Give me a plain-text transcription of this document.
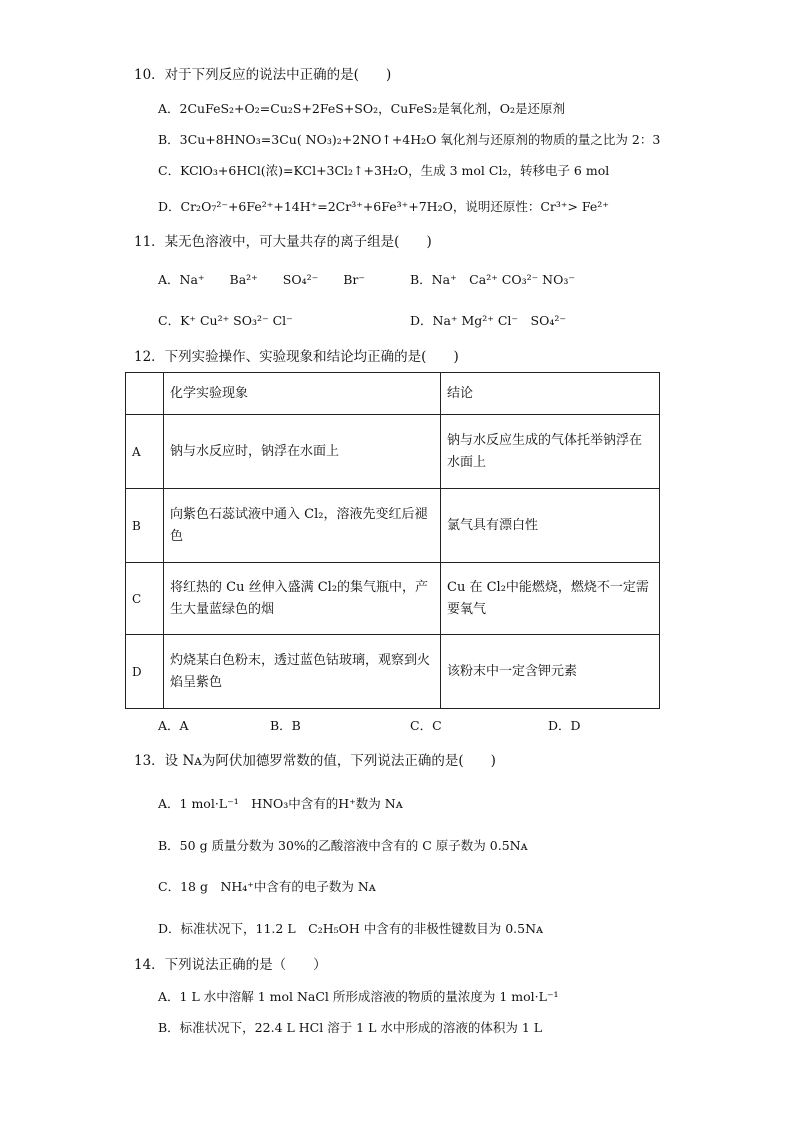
10．对于下列反应的说法中正确的是(　　)
A．2CuFeS₂+O₂=Cu₂S+2FeS+SO₂，CuFeS₂是氧化剂，O₂是还原剂
B．3Cu+8HNO₃=3Cu( NO₃)₂+2NO↑+4H₂O 氧化剂与还原剂的物质的量之比为 2：3
C．KClO₃+6HCl(浓)=KCl+3Cl₂↑+3H₂O，生成 3 mol Cl₂，转移电子 6 mol
D．Cr₂O₇²⁻+6Fe²⁺+14H⁺=2Cr³⁺+6Fe³⁺+7H₂O，说明还原性：Cr³⁺> Fe²⁺
11．某无色溶液中，可大量共存的离子组是(　　)
A．Na⁺　　Ba²⁺　　SO₄²⁻　　Br⁻	B．Na⁺　Ca²⁺ CO₃²⁻ NO₃⁻
C．K⁺ Cu²⁺ SO₃²⁻ Cl⁻	D．Na⁺ Mg²⁺ Cl⁻　SO₄²⁻
12．下列实验操作、实验现象和结论均正确的是(　　)
	化学实验现象	结论
A	钠与水反应时，钠浮在水面上	钠与水反应生成的气体托举钠浮在水面上
B	向紫色石蕊试液中通入 Cl₂，溶液先变红后褪色	氯气具有漂白性
C	将红热的 Cu 丝伸入盛满 Cl₂的集气瓶中，产生大量蓝绿色的烟	Cu 在 Cl₂中能燃烧，燃烧不一定需要氧气
D	灼烧某白色粉末，透过蓝色钴玻璃，观察到火焰呈紫色	该粉末中一定含钾元素
A．A	B．B	C．C	D．D
13．设 Nᴀ为阿伏加德罗常数的值，下列说法正确的是(　　)
A．1 mol·L⁻¹　HNO₃中含有的H⁺数为 Nᴀ
B．50 g 质量分数为 30%的乙酸溶液中含有的 C 原子数为 0.5Nᴀ
C．18 g　NH₄⁺中含有的电子数为 Nᴀ
D．标准状况下，11.2 L　C₂H₅OH 中含有的非极性键数目为 0.5Nᴀ
14．下列说法正确的是（　　）
A．1 L 水中溶解 1 mol NaCl 所形成溶液的物质的量浓度为 1 mol·L⁻¹
B．标准状况下，22.4 L HCl 溶于 1 L 水中形成的溶液的体积为 1 L
